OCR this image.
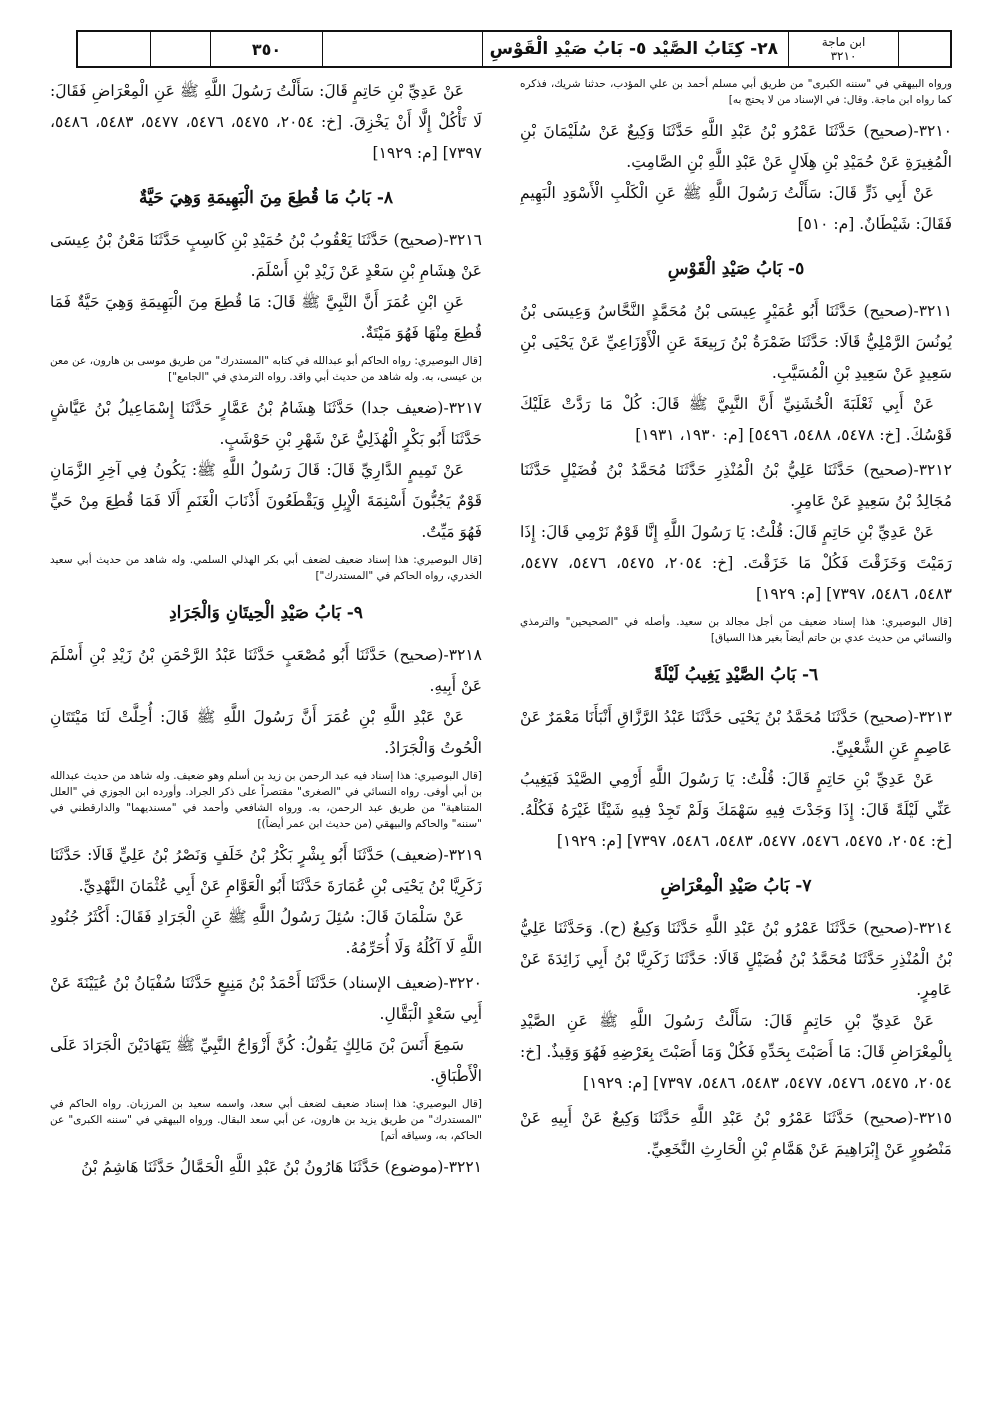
ابن ماجة
٣٢١٠
٢٨- كِتَابُ الصَّيْد ٥- بَابُ صَيْدِ الْقَوْسِ
٣٥٠

ورواه البيهقي في "سننه الكبرى" من طريق أبي مسلم أحمد بن علي المؤدب، حدثنا شريك، فذكره كما رواه ابن ماجة. وقال: في الإسناد من لا يحتج به]

٣٢١٠-(صحيح) حَدَّثَنَا عَمْرُو بْنُ عَبْدِ اللَّهِ حَدَّثَنَا وَكِيعٌ عَنْ سُلَيْمَانَ بْنِ الْمُغِيرَةِ عَنْ حُمَيْدِ بْنِ هِلَالٍ عَنْ عَبْدِ اللَّهِ بْنِ الصَّامِتِ.
عَنْ أَبِي ذَرٍّ قَالَ: سَأَلْتُ رَسُولَ اللَّهِ ﷺ عَنِ الْكَلْبِ الْأَسْوَدِ الْبَهِيمِ فَقَالَ: شَيْطَانٌ. [م: ٥١٠]

٥- بَابُ صَيْدِ الْقَوْسِ

٣٢١١-(صحيح) حَدَّثَنَا أَبُو عُمَيْرٍ عِيسَى بْنُ مُحَمَّدٍ النَّحَّاسُ وَعِيسَى بْنُ يُونُسَ الرَّمْلِيُّ قَالَا: حَدَّثَنَا ضَمْرَةُ بْنُ رَبِيعَةَ عَنِ الْأَوْزَاعِيِّ عَنْ يَحْيَى بْنِ سَعِيدٍ عَنْ سَعِيدِ بْنِ الْمُسَيَّبِ.
عَنْ أَبِي ثَعْلَبَةَ الْخُشَنِيِّ أَنَّ النَّبِيَّ ﷺ قَالَ: كُلْ مَا رَدَّتْ عَلَيْكَ قَوْسُكَ. [خ: ٥٤٧٨، ٥٤٨٨، ٥٤٩٦] [م: ١٩٣٠، ١٩٣١]

٣٢١٢-(صحيح) حَدَّثَنَا عَلِيُّ بْنُ الْمُنْذِرِ حَدَّثَنَا مُحَمَّدُ بْنُ فُضَيْلٍ حَدَّثَنَا مُجَالِدُ بْنُ سَعِيدٍ عَنْ عَامِرٍ.
عَنْ عَدِيِّ بْنِ حَاتِمٍ قَالَ: قُلْتُ: يَا رَسُولَ اللَّهِ إِنَّا قَوْمٌ نَرْمِي قَالَ: إِذَا رَمَيْتَ وَخَزَقْتَ فَكُلْ مَا خَزَقْتَ. [خ: ٢٠٥٤، ٥٤٧٥، ٥٤٧٦، ٥٤٧٧، ٥٤٨٣، ٥٤٨٦، ٧٣٩٧] [م: ١٩٢٩]

[قال البوصيري: هذا إسناد ضعيف من أجل مجالد بن سعيد. وأصله في "الصحيحين" والترمذي والنسائي من حديث عدي بن حاتم أيضاً بغير هذا السياق]

٦- بَابُ الصَّيْدِ يَغِيبُ لَيْلَةً

٣٢١٣-(صحيح) حَدَّثَنَا مُحَمَّدُ بْنُ يَحْيَى حَدَّثَنَا عَبْدُ الرَّزَّاقِ أَنْبَأَنَا مَعْمَرٌ عَنْ عَاصِمٍ عَنِ الشَّعْبِيِّ.
عَنْ عَدِيِّ بْنِ حَاتِمٍ قَالَ: قُلْتُ: يَا رَسُولَ اللَّهِ أَرْمِي الصَّيْدَ فَيَغِيبُ عَنِّي لَيْلَةً قَالَ: إِذَا وَجَدْتَ فِيهِ سَهْمَكَ وَلَمْ تَجِدْ فِيهِ شَيْئًا غَيْرَهُ فَكُلْهُ. [خ: ٢٠٥٤، ٥٤٧٥، ٥٤٧٦، ٥٤٧٧، ٥٤٨٣، ٥٤٨٦، ٧٣٩٧] [م: ١٩٢٩]

٧- بَابُ صَيْدِ الْمِعْرَاضِ

٣٢١٤-(صحيح) حَدَّثَنَا عَمْرُو بْنُ عَبْدِ اللَّهِ حَدَّثَنَا وَكِيعٌ (ح). وَحَدَّثَنَا عَلِيُّ بْنُ الْمُنْذِرِ حَدَّثَنَا مُحَمَّدُ بْنُ فُضَيْلٍ قَالَا: حَدَّثَنَا زَكَرِيَّا بْنُ أَبِي زَائِدَةَ عَنْ عَامِرٍ.
عَنْ عَدِيِّ بْنِ حَاتِمٍ قَالَ: سَأَلْتُ رَسُولَ اللَّهِ ﷺ عَنِ الصَّيْدِ بِالْمِعْرَاضِ قَالَ: مَا أَصَبْتَ بِحَدِّهِ فَكُلْ وَمَا أَصَبْتَ بِعَرْضِهِ فَهُوَ وَقِيذٌ. [خ: ٢٠٥٤، ٥٤٧٥، ٥٤٧٦، ٥٤٧٧، ٥٤٨٣، ٥٤٨٦، ٧٣٩٧] [م: ١٩٢٩]

٣٢١٥-(صحيح) حَدَّثَنَا عَمْرُو بْنُ عَبْدِ اللَّهِ حَدَّثَنَا وَكِيعٌ عَنْ أَبِيهِ عَنْ مَنْصُورٍ عَنْ إِبْرَاهِيمَ عَنْ هَمَّامِ بْنِ الْحَارِثِ النَّخَعِيِّ.

عَنْ عَدِيِّ بْنِ حَاتِمٍ قَالَ: سَأَلْتُ رَسُولَ اللَّهِ ﷺ عَنِ الْمِعْرَاضِ فَقَالَ: لَا تَأْكُلْ إِلَّا أَنْ يَخْزِقَ. [خ: ٢٠٥٤، ٥٤٧٥، ٥٤٧٦، ٥٤٧٧، ٥٤٨٣، ٥٤٨٦، ٧٣٩٧] [م: ١٩٢٩]

٨- بَابُ مَا قُطِعَ مِنَ الْبَهِيمَةِ وَهِيَ حَيَّةٌ

٣٢١٦-(صحيح) حَدَّثَنَا يَعْقُوبُ بْنُ حُمَيْدِ بْنِ كَاسِبٍ حَدَّثَنَا مَعْنُ بْنُ عِيسَى عَنْ هِشَامِ بْنِ سَعْدٍ عَنْ زَيْدِ بْنِ أَسْلَمَ.
عَنِ ابْنِ عُمَرَ أَنَّ النَّبِيَّ ﷺ قَالَ: مَا قُطِعَ مِنَ الْبَهِيمَةِ وَهِيَ حَيَّةٌ فَمَا قُطِعَ مِنْهَا فَهُوَ مَيْتَةٌ.

[قال البوصيري: رواه الحاكم أبو عبدالله في كتابه "المستدرك" من طريق موسى بن هارون، عن معن بن عيسى، به. وله شاهد من حديث أبي واقد. رواه الترمذي في "الجامع"]

٣٢١٧-(ضعيف جدا) حَدَّثَنَا هِشَامُ بْنُ عَمَّارٍ حَدَّثَنَا إِسْمَاعِيلُ بْنُ عَيَّاشٍ حَدَّثَنَا أَبُو بَكْرٍ الْهُذَلِيُّ عَنْ شَهْرِ بْنِ حَوْشَبٍ.
عَنْ تَمِيمٍ الدَّارِيِّ قَالَ: قَالَ رَسُولُ اللَّهِ ﷺ: يَكُونُ فِي آخِرِ الزَّمَانِ قَوْمٌ يَجُبُّونَ أَسْنِمَةَ الْإِبِلِ وَيَقْطَعُونَ أَذْنَابَ الْغَنَمِ أَلَا فَمَا قُطِعَ مِنْ حَيٍّ فَهُوَ مَيِّتٌ.

[قال البوصيري: هذا إسناد ضعيف لضعف أبي بكر الهذلي السلمي. وله شاهد من حديث أبي سعيد الخدري، رواه الحاكم في "المستدرك"]

٩- بَابُ صَيْدِ الْحِيتَانِ وَالْجَرَادِ

٣٢١٨-(صحيح) حَدَّثَنَا أَبُو مُصْعَبٍ حَدَّثَنَا عَبْدُ الرَّحْمَنِ بْنُ زَيْدِ بْنِ أَسْلَمَ عَنْ أَبِيهِ.
عَنْ عَبْدِ اللَّهِ بْنِ عُمَرَ أَنَّ رَسُولَ اللَّهِ ﷺ قَالَ: أُحِلَّتْ لَنَا مَيْتَتَانِ الْحُوتُ وَالْجَرَادُ.

[قال البوصيري: هذا إسناد فيه عبد الرحمن بن زيد بن أسلم وهو ضعيف. وله شاهد من حديث عبدالله بن أبي أوفى. رواه النسائي في "الصغرى" مقتصراً على ذكر الجراد. وأورده ابن الجوزي في "العلل المتناهية" من طريق عبد الرحمن، به. ورواه الشافعي وأحمد في "مسنديهما" والدارقطني في "سننه" والحاكم والبيهقي (من حديث ابن عمر أيضاً)]

٣٢١٩-(ضعيف) حَدَّثَنَا أَبُو بِشْرٍ بَكْرُ بْنُ خَلَفٍ وَنَصْرُ بْنُ عَلِيٍّ قَالَا: حَدَّثَنَا زَكَرِيَّا بْنُ يَحْيَى بْنِ عُمَارَةَ حَدَّثَنَا أَبُو الْعَوَّامِ عَنْ أَبِي عُثْمَانَ النَّهْدِيِّ.
عَنْ سَلْمَانَ قَالَ: سُئِلَ رَسُولُ اللَّهِ ﷺ عَنِ الْجَرَادِ فَقَالَ: أَكْثَرُ جُنُودِ اللَّهِ لَا آكُلُهُ وَلَا أُحَرِّمُهُ.

٣٢٢٠-(ضعيف الإسناد) حَدَّثَنَا أَحْمَدُ بْنُ مَنِيعٍ حَدَّثَنَا سُفْيَانُ بْنُ عُيَيْنَةَ عَنْ أَبِي سَعْدٍ الْبَقَّالِ.
سَمِعَ أَنَسَ بْنَ مَالِكٍ يَقُولُ: كُنَّ أَزْوَاجُ النَّبِيِّ ﷺ يَتَهَادَيْنَ الْجَرَادَ عَلَى الْأَطْبَاقِ.

[قال البوصيري: هذا إسناد ضعيف لضعف أبي سعد، واسمه سعيد بن المرزبان. رواه الحاكم في "المستدرك" من طريق يزيد بن هارون، عن أبي سعد البقال. ورواه البيهقي في "سننه الكبرى" عن الحاكم، به، وسياقه أتم]

٣٢٢١-(موضوع) حَدَّثَنَا هَارُونُ بْنُ عَبْدِ اللَّهِ الْحَمَّالُ حَدَّثَنَا هَاشِمُ بْنُ
